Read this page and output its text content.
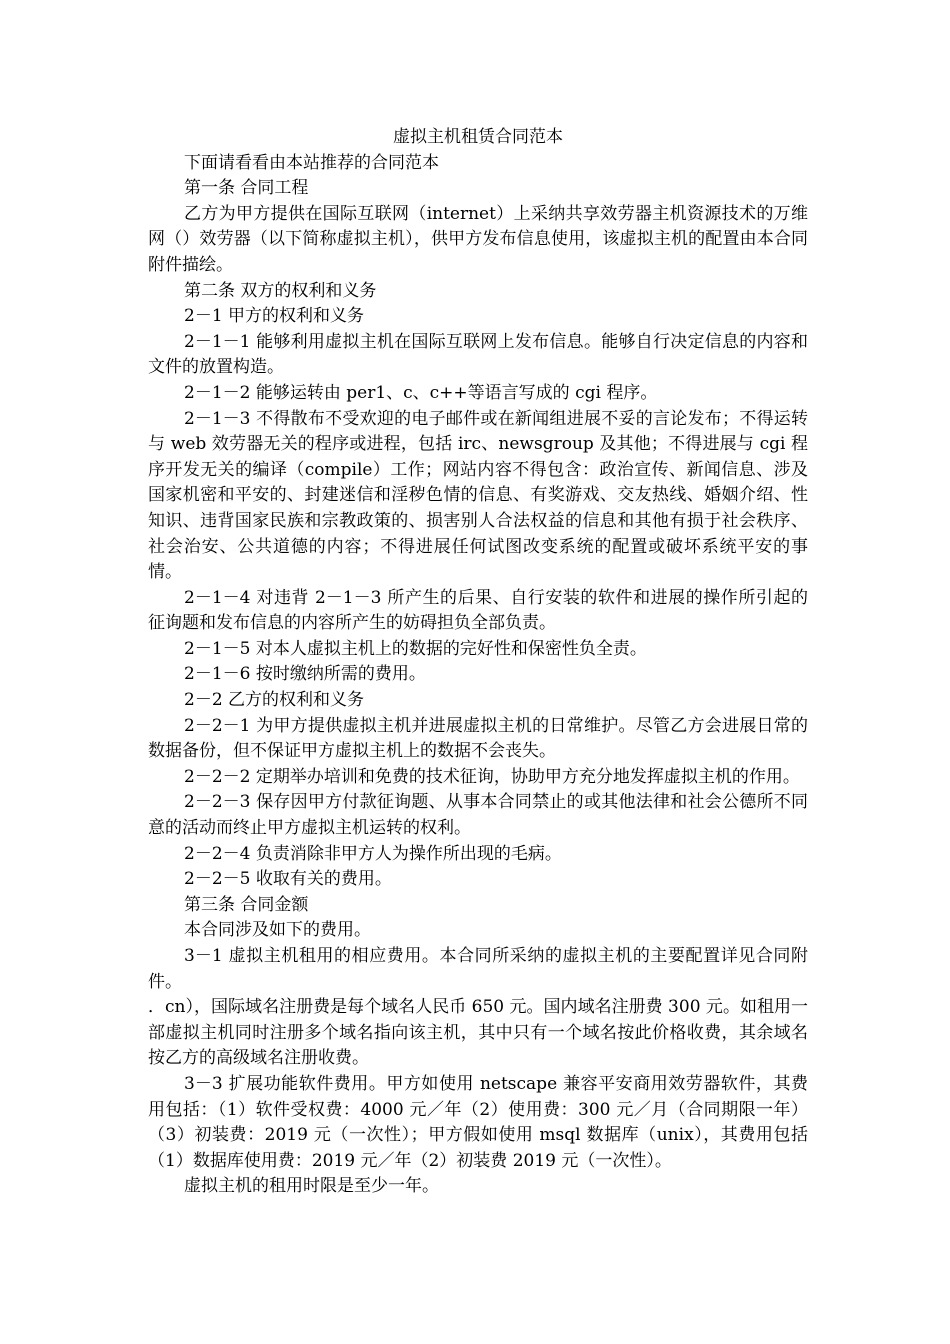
虚拟主机租赁合同范本

下面请看看由本站推荐的合同范本

第一条 合同工程

乙方为甲方提供在国际互联网（internet）上采纳共享效劳器主机资源技术的万维网（）效劳器（以下简称虚拟主机），供甲方发布信息使用，该虚拟主机的配置由本合同附件描绘。

第二条 双方的权利和义务

2－1 甲方的权利和义务

2－1－1 能够利用虚拟主机在国际互联网上发布信息。能够自行决定信息的内容和文件的放置构造。

2－1－2 能够运转由 per1、c、c++等语言写成的 cgi 程序。

2－1－3 不得散布不受欢迎的电子邮件或在新闻组进展不妥的言论发布；不得运转与 web 效劳器无关的程序或进程，包括 irc、newsgroup 及其他；不得进展与 cgi 程序开发无关的编译（compile）工作；网站内容不得包含：政治宣传、新闻信息、涉及国家机密和平安的、封建迷信和淫秽色情的信息、有奖游戏、交友热线、婚姻介绍、性知识、违背国家民族和宗教政策的、损害别人合法权益的信息和其他有损于社会秩序、社会治安、公共道德的内容；不得进展任何试图改变系统的配置或破坏系统平安的事情。

2－1－4 对违背 2－1－3 所产生的后果、自行安装的软件和进展的操作所引起的征询题和发布信息的内容所产生的妨碍担负全部负责。

2－1－5 对本人虚拟主机上的数据的完好性和保密性负全责。

2－1－6 按时缴纳所需的费用。

2－2 乙方的权利和义务

2－2－1 为甲方提供虚拟主机并进展虚拟主机的日常维护。尽管乙方会进展日常的数据备份，但不保证甲方虚拟主机上的数据不会丧失。

2－2－2 定期举办培训和免费的技术征询，协助甲方充分地发挥虚拟主机的作用。

2－2－3 保存因甲方付款征询题、从事本合同禁止的或其他法律和社会公德所不同意的活动而终止甲方虚拟主机运转的权利。

2－2－4 负责消除非甲方人为操作所出现的毛病。

2－2－5 收取有关的费用。

第三条 合同金额

本合同涉及如下的费用。

3－1 虚拟主机租用的相应费用。本合同所采纳的虚拟主机的主要配置详见合同附件。

．cn），国际域名注册费是每个域名人民币 650 元。国内域名注册费 300 元。如租用一部虚拟主机同时注册多个域名指向该主机，其中只有一个域名按此价格收费，其余域名按乙方的高级域名注册收费。

3－3 扩展功能软件费用。甲方如使用 netscape 兼容平安商用效劳器软件，其费用包括：（1）软件受权费：4000 元／年（2）使用费：300 元／月（合同期限一年）（3）初装费：2019 元（一次性）；甲方假如使用 msql 数据库（unix），其费用包括（1）数据库使用费：2019 元／年（2）初装费 2019 元（一次性）。

虚拟主机的租用时限是至少一年。
